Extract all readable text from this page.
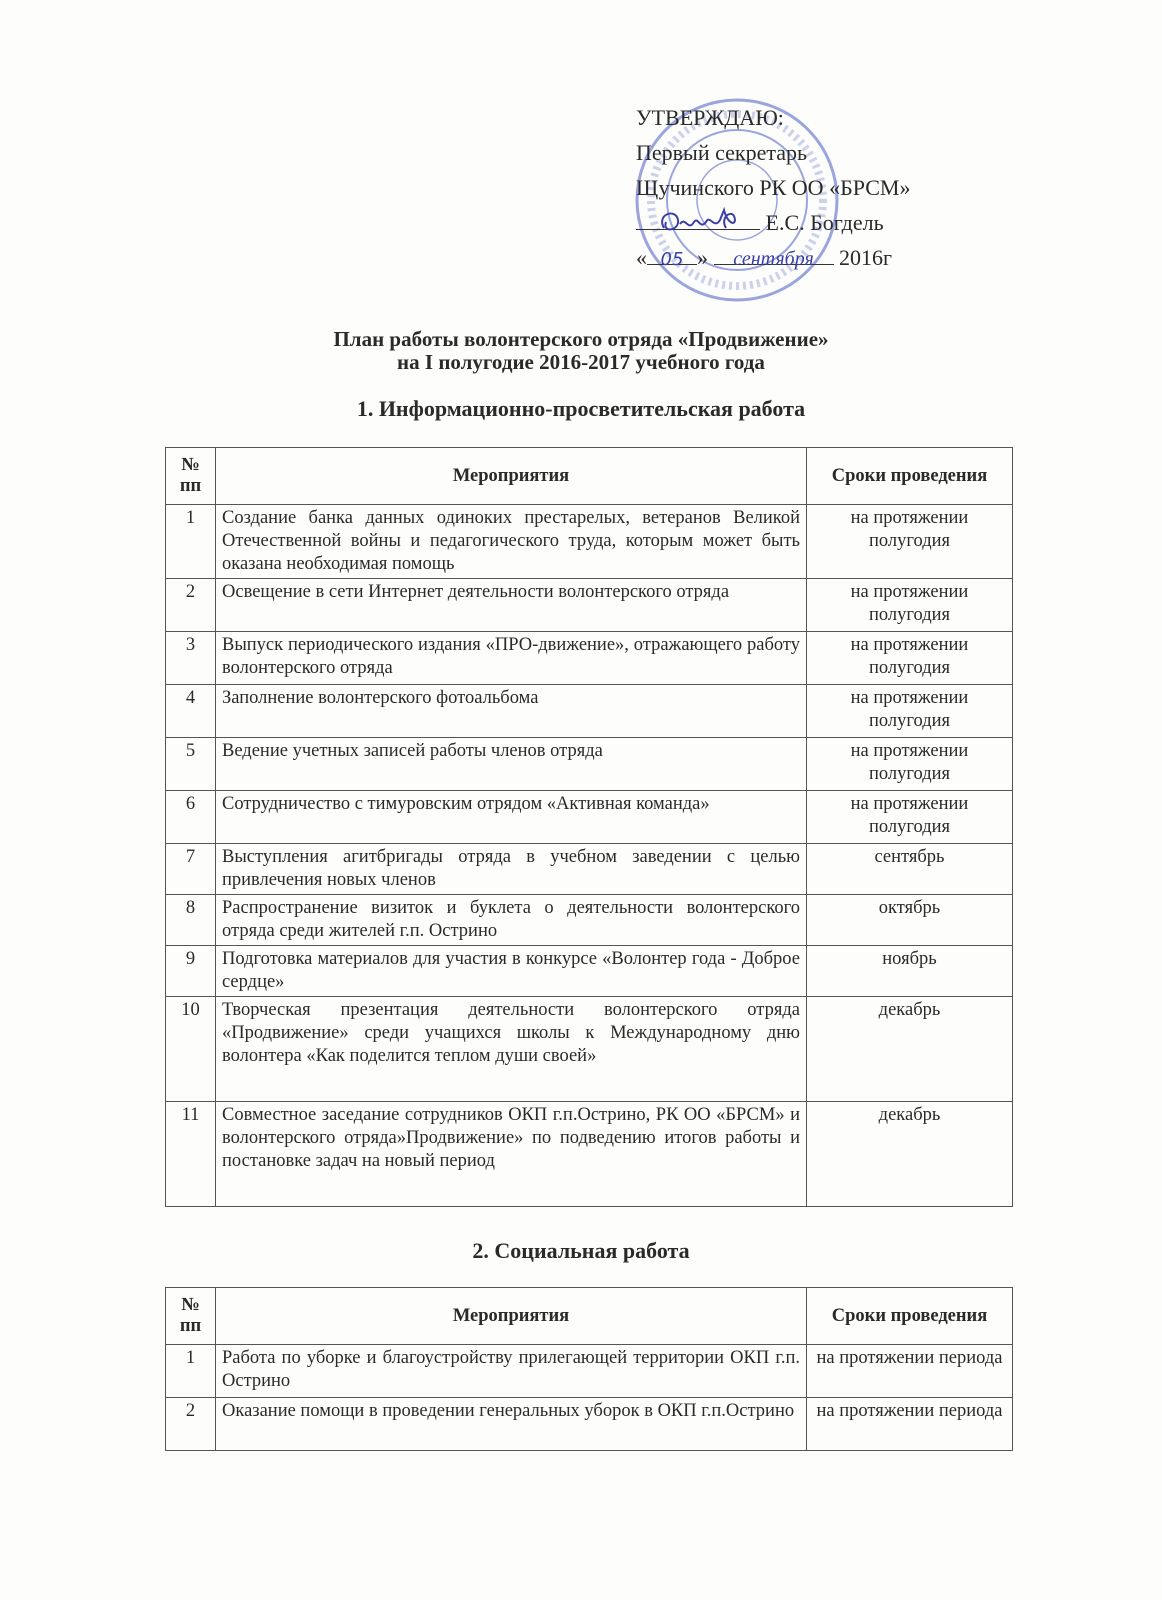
УТВЕРЖДАЮ:
Первый секретарь
Щучинского РК ОО «БРСМ»
Е.С. Богдель
« 05 » сентября 2016г
План работы волонтерского отряда «Продвижение»
на I полугодие 2016-2017 учебного года
1. Информационно-просветительская работа
№ пп	Мероприятия	Сроки проведения
1	Создание банка данных одиноких престарелых, ветеранов Великой Отечественной войны и педагогического труда, которым может быть оказана необходимая помощь	на протяжении полугодия
2	Освещение в сети Интернет деятельности волонтерского отряда	на протяжении полугодия
3	Выпуск периодического издания «ПРО-движение», отражающего работу волонтерского отряда	на протяжении полугодия
4	Заполнение волонтерского фотоальбома	на протяжении полугодия
5	Ведение учетных записей работы членов отряда	на протяжении полугодия
6	Сотрудничество с тимуровским отрядом «Активная команда»	на протяжении полугодия
7	Выступления агитбригады отряда в учебном заведении с целью привлечения новых членов	сентябрь
8	Распространение визиток и буклета о деятельности волонтерского отряда среди жителей г.п. Острино	октябрь
9	Подготовка материалов для участия в конкурсе «Волонтер года - Доброе сердце»	ноябрь
10	Творческая презентация деятельности волонтерского отряда «Продвижение» среди учащихся школы к Международному дню волонтера «Как поделится теплом души своей»	декабрь
11	Совместное заседание сотрудников ОКП г.п.Острино, РК ОО «БРСМ» и волонтерского отряда»Продвижение» по подведению итогов работы и постановке задач на новый период	декабрь
2. Социальная работа
№ пп	Мероприятия	Сроки проведения
1	Работа по уборке и благоустройству прилегающей территории ОКП г.п. Острино	на протяжении периода
2	Оказание помощи в проведении генеральных уборок в ОКП г.п.Острино	на протяжении периода
